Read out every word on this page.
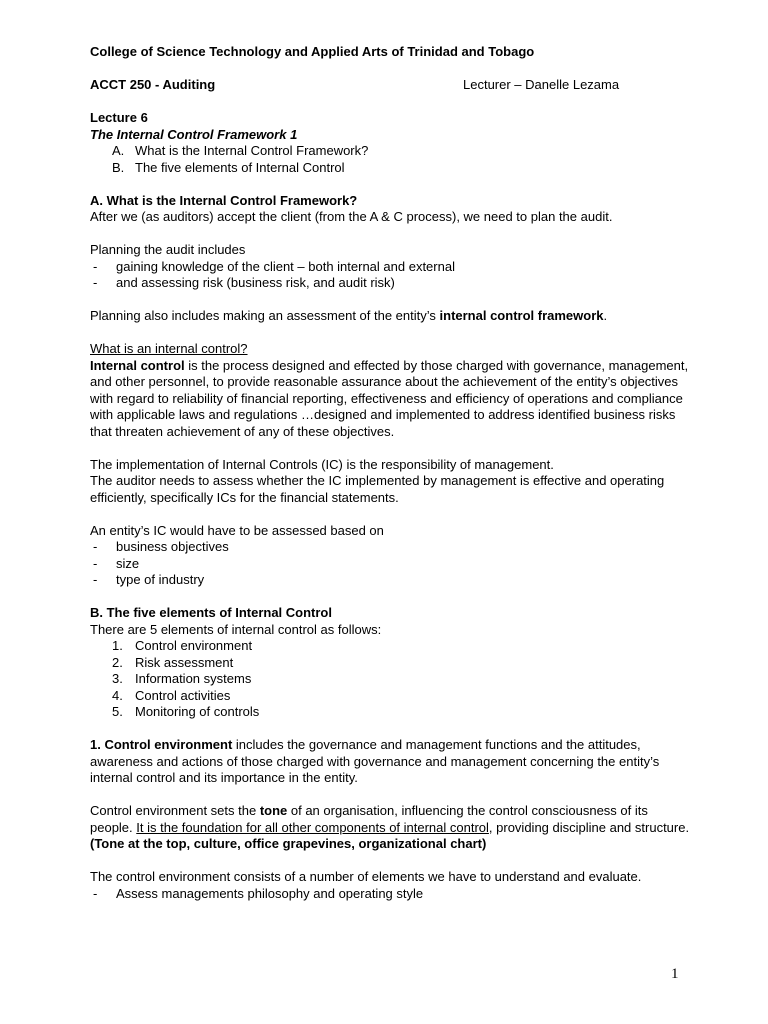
College of Science Technology and Applied Arts of Trinidad and Tobago

ACCT 250 - Auditing	Lecturer – Danelle Lezama

Lecture 6

The Internal Control Framework 1

A. What is the Internal Control Framework?
B. The five elements of Internal Control

A. What is the Internal Control Framework?

After we (as auditors) accept the client (from the A & C process), we need to plan the audit.

Planning the audit includes

- gaining knowledge of the client – both internal and external
- and assessing risk (business risk, and audit risk)

Planning also includes making an assessment of the entity’s internal control framework.

What is an internal control?

Internal control is the process designed and effected by those charged with governance, management, and other personnel, to provide reasonable assurance about the achievement of the entity’s objectives with regard to reliability of financial reporting, effectiveness and efficiency of operations and compliance with applicable laws and regulations …designed and implemented to address identified business risks that threaten achievement of any of these objectives.

The implementation of Internal Controls (IC) is the responsibility of management.

The auditor needs to assess whether the IC implemented by management is effective and operating efficiently, specifically ICs for the financial statements.

An entity’s IC would have to be assessed based on

- business objectives
- size
- type of industry

B. The five elements of Internal Control

There are 5 elements of internal control as follows:

1. Control environment
2. Risk assessment
3. Information systems
4. Control activities
5. Monitoring of controls

1. Control environment includes the governance and management functions and the attitudes, awareness and actions of those charged with governance and management concerning the entity’s internal control and its importance in the entity.

Control environment sets the tone of an organisation, influencing the control consciousness of its people. It is the foundation for all other components of internal control, providing discipline and structure. (Tone at the top, culture, office grapevines, organizational chart)

The control environment consists of a number of elements we have to understand and evaluate.

- Assess managements philosophy and operating style
1
